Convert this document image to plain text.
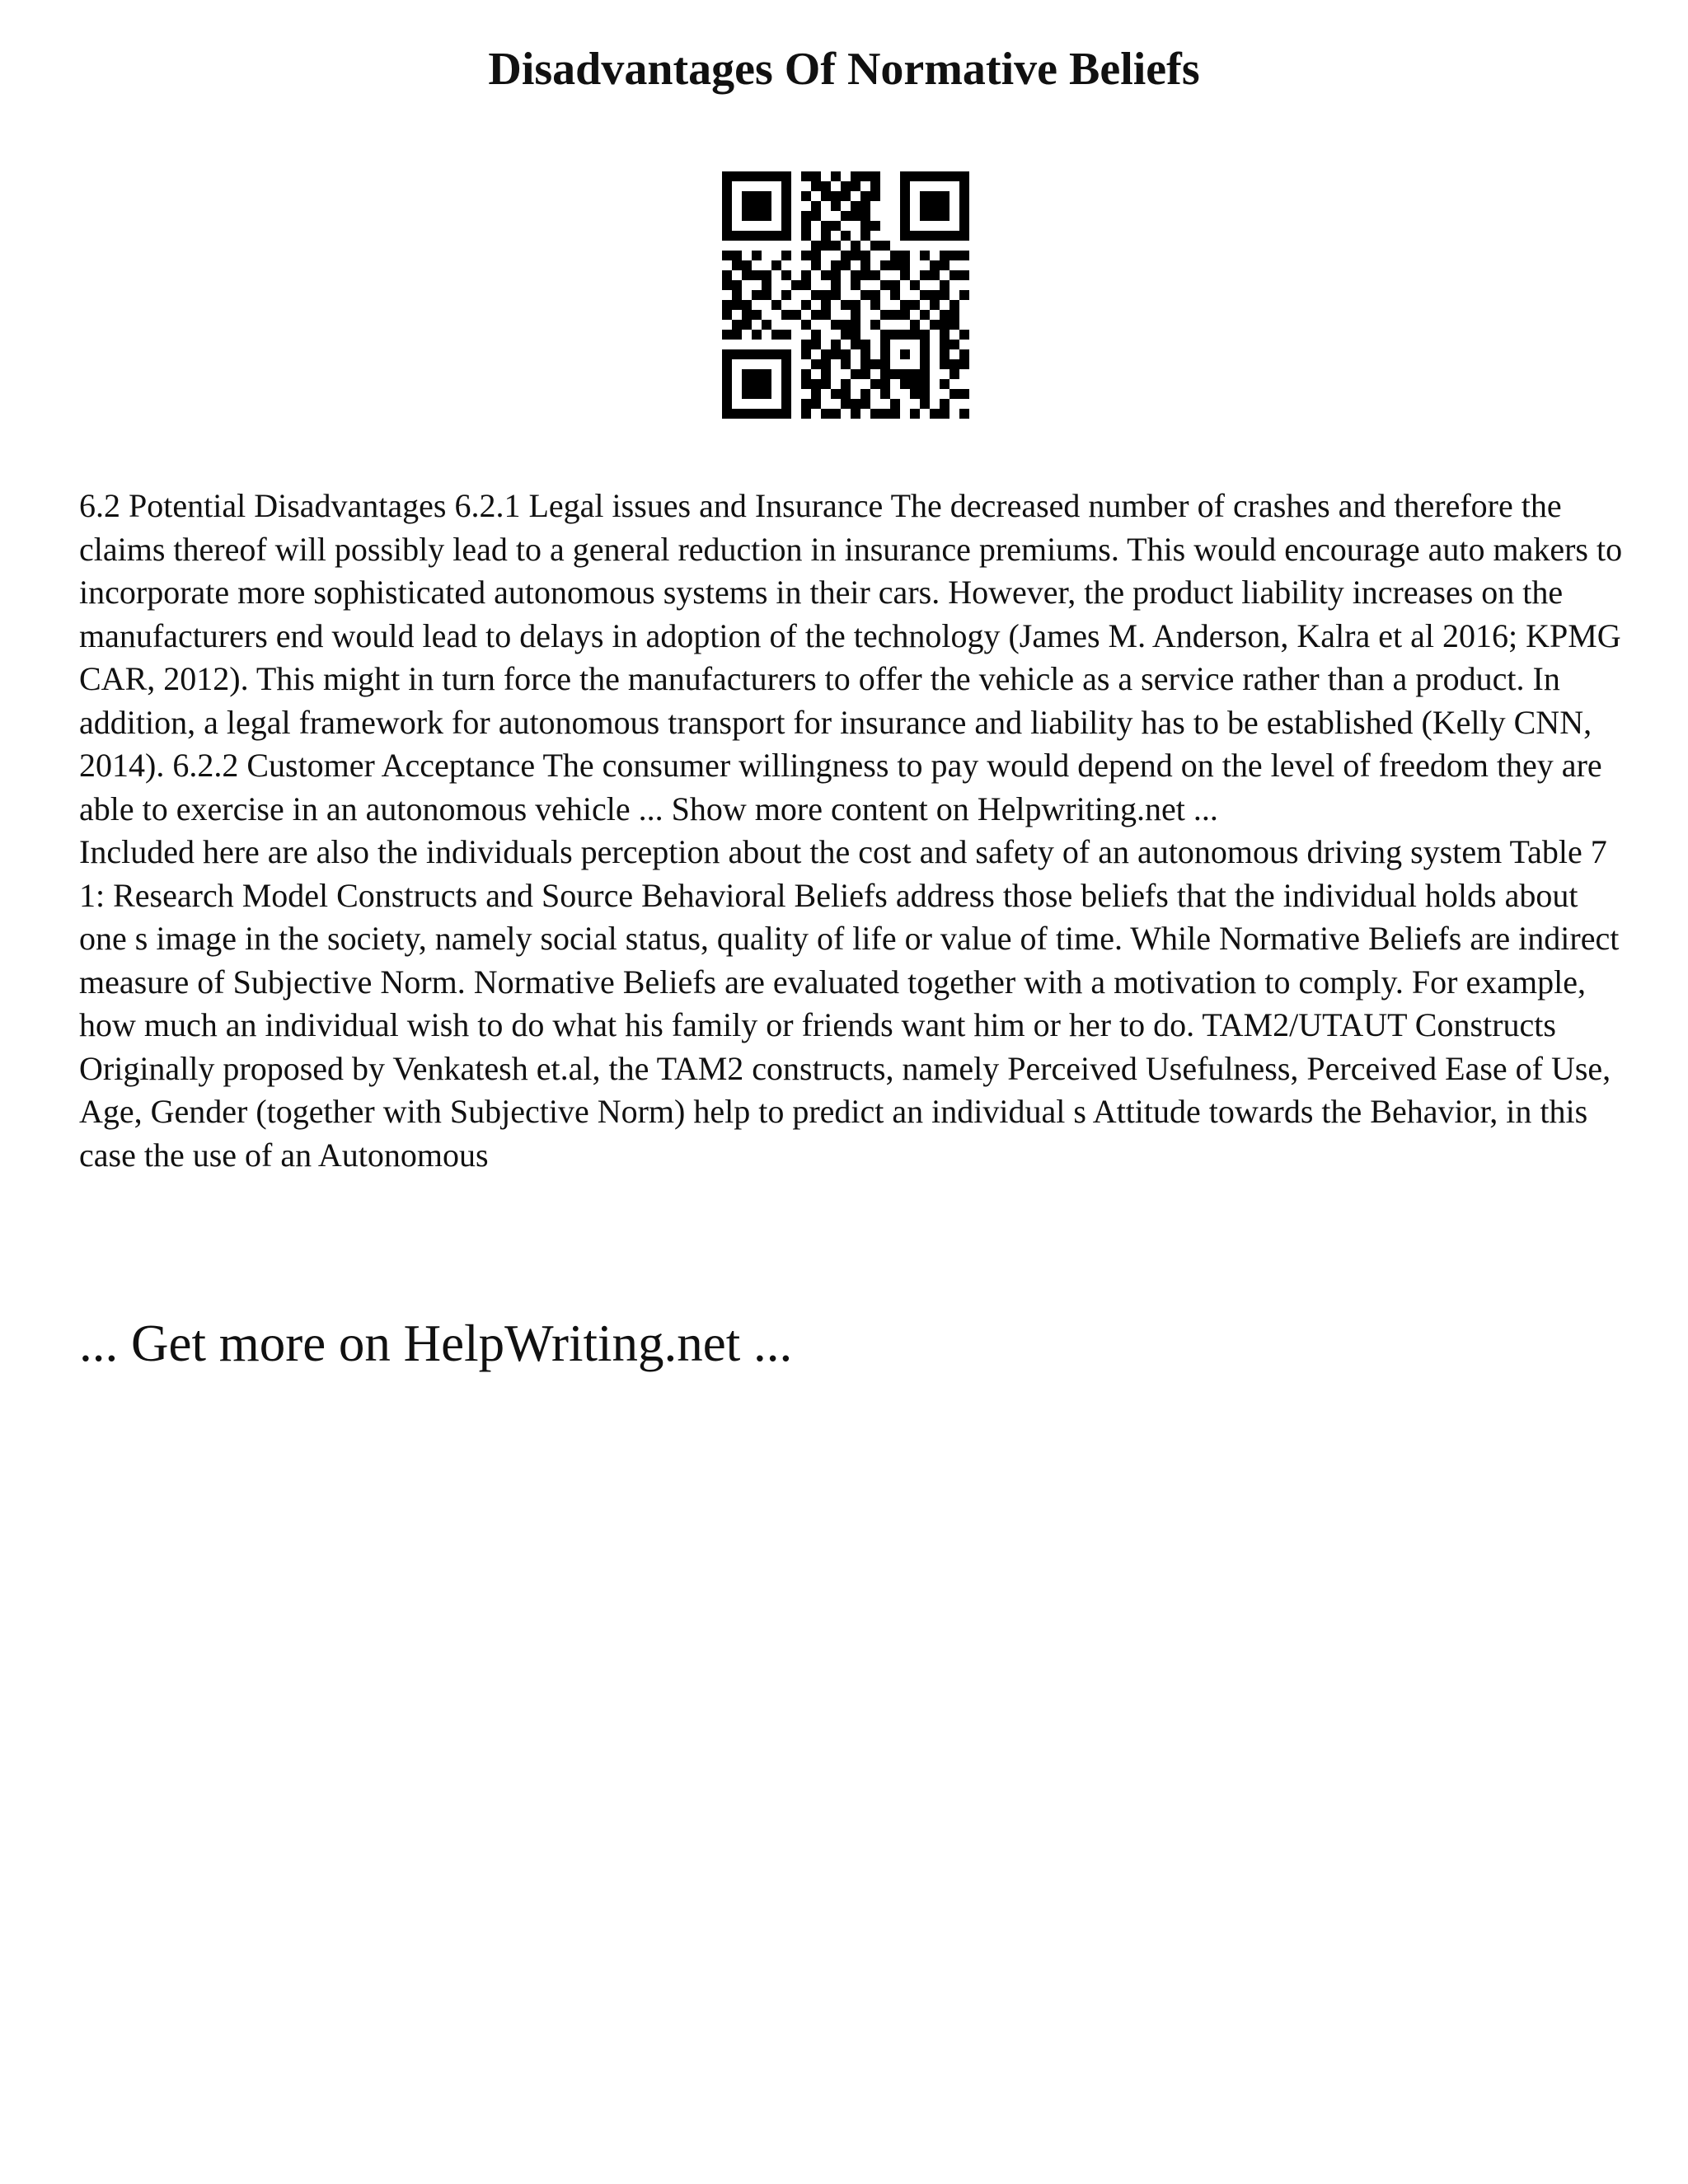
Disadvantages Of Normative Beliefs

6.2 Potential Disadvantages 6.2.1 Legal issues and Insurance The decreased number of crashes and therefore the claims thereof will possibly lead to a general reduction in insurance premiums. This would encourage auto makers to incorporate more sophisticated autonomous systems in their cars. However, the product liability increases on the manufacturers end would lead to delays in adoption of the technology (James M. Anderson, Kalra et al 2016; KPMG CAR, 2012). This might in turn force the manufacturers to offer the vehicle as a service rather than a product. In addition, a legal framework for autonomous transport for insurance and liability has to be established (Kelly CNN, 2014). 6.2.2 Customer Acceptance The consumer willingness to pay would depend on the level of freedom they are able to exercise in an autonomous vehicle ... Show more content on Helpwriting.net ...

Included here are also the individuals perception about the cost and safety of an autonomous driving system Table 7 1: Research Model Constructs and Source Behavioral Beliefs address those beliefs that the individual holds about one s image in the society, namely social status, quality of life or value of time. While Normative Beliefs are indirect measure of Subjective Norm. Normative Beliefs are evaluated together with a motivation to comply. For example, how much an individual wish to do what his family or friends want him or her to do. TAM2/UTAUT Constructs Originally proposed by Venkatesh et.al, the TAM2 constructs, namely Perceived Usefulness, Perceived Ease of Use, Age, Gender (together with Subjective Norm) help to predict an individual s Attitude towards the Behavior, in this case the use of an Autonomous

... Get more on HelpWriting.net ...
